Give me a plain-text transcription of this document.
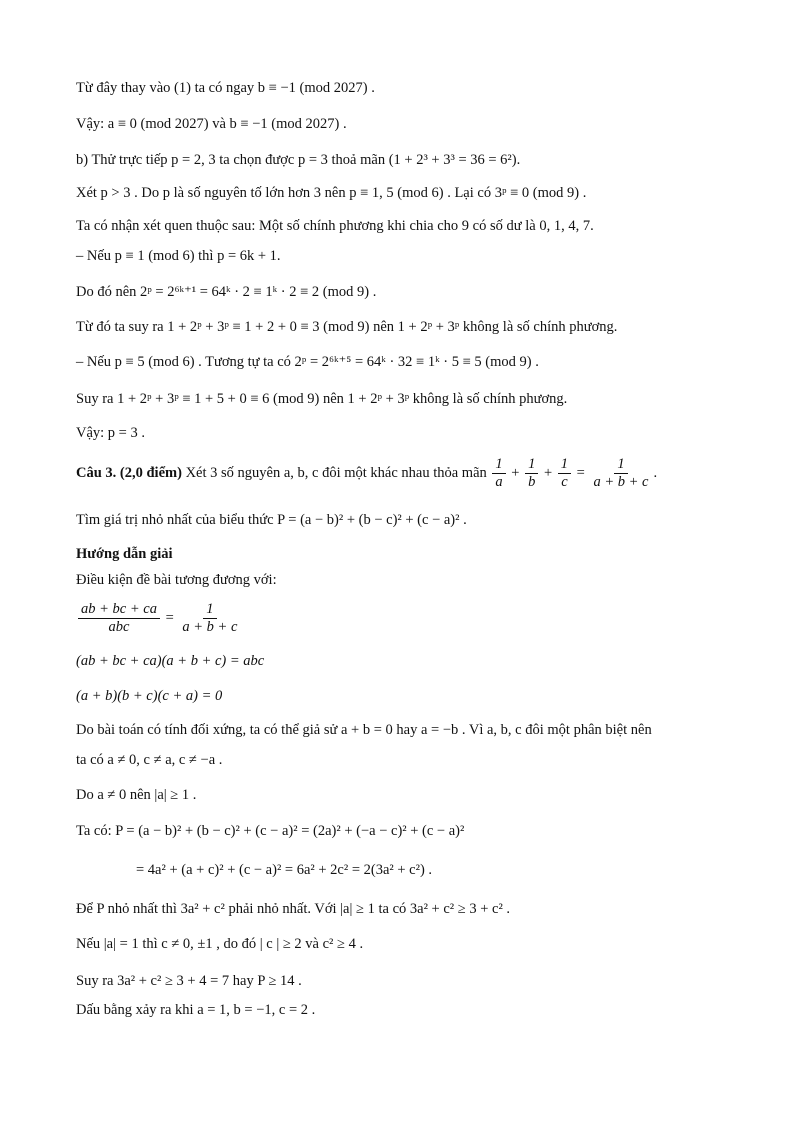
Từ đây thay vào (1) ta có ngay b ≡ −1 (mod 2027) .
Vậy: a ≡ 0 (mod 2027) và b ≡ −1 (mod 2027) .
b) Thử trực tiếp p = 2, 3 ta chọn được p = 3 thoả mãn (1 + 2³ + 3³ = 36 = 6²).
Xét p > 3 . Do p là số nguyên tố lớn hơn 3 nên p ≡ 1, 5 (mod 6) . Lại có 3ᵖ ≡ 0 (mod 9) .
Ta có nhận xét quen thuộc sau: Một số chính phương khi chia cho 9 có số dư là 0, 1, 4, 7.
– Nếu p ≡ 1 (mod 6) thì p = 6k + 1.
Do đó nên 2ᵖ = 2⁶ᵏ⁺¹ = 64ᵏ · 2 ≡ 1ᵏ · 2 ≡ 2 (mod 9) .
Từ đó ta suy ra 1 + 2ᵖ + 3ᵖ ≡ 1 + 2 + 0 ≡ 3 (mod 9) nên 1 + 2ᵖ + 3ᵖ không là số chính phương.
– Nếu p ≡ 5 (mod 6) . Tương tự ta có 2ᵖ = 2⁶ᵏ⁺⁵ = 64ᵏ · 32 ≡ 1ᵏ · 5 ≡ 5 (mod 9) .
Suy ra 1 + 2ᵖ + 3ᵖ ≡ 1 + 5 + 0 ≡ 6 (mod 9) nên 1 + 2ᵖ + 3ᵖ không là số chính phương.
Vậy: p = 3 .
Câu 3. (2,0 điểm) Xét 3 số nguyên a, b, c đôi một khác nhau thỏa mãn $\frac{1}{a} + \frac{1}{b} + \frac{1}{c} = \frac{1}{a + b + c}$ .
Tìm giá trị nhỏ nhất của biểu thức P = (a − b)² + (b − c)² + (c − a)² .
Hướng dẫn giải
Điều kiện đề bài tương đương với:
$\frac{ab + bc + ca}{\text{abc}} = \frac{1}{a + b + c}$
(ab + bc + ca)(a + b + c) = abc
(a + b)(b + c)(c + a) = 0
Do bài toán có tính đối xứng, ta có thể giả sử a + b = 0 hay a = −b . Vì a, b, c đôi một phân biệt nên
ta có a ≠ 0, c ≠ a, c ≠ −a .
Do a ≠ 0 nên |a| ≥ 1 .
Ta có: P = (a − b)² + (b − c)² + (c − a)² = (2a)² + (−a − c)² + (c − a)²
= 4a² + (a + c)² + (c − a)² = 6a² + 2c² = 2(3a² + c²) .
Để P nhỏ nhất thì 3a² + c² phải nhỏ nhất. Với |a| ≥ 1 ta có 3a² + c² ≥ 3 + c² .
Nếu |a| = 1 thì c ≠ 0, ±1 , do đó | c | ≥ 2 và c² ≥ 4 .
Suy ra 3a² + c² ≥ 3 + 4 = 7 hay P ≥ 14 .
Dấu bằng xảy ra khi a = 1, b = −1, c = 2 .
